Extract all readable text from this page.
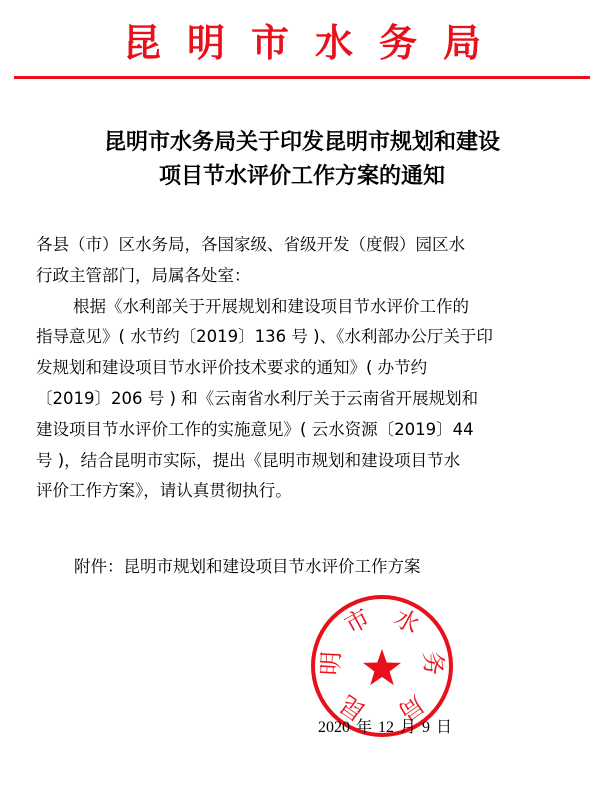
昆明市水务局
昆明市水务局关于印发昆明市规划和建设
项目节水评价工作方案的通知
各县（市）区水务局，各国家级、省级开发（度假）园区水
行政主管部门，局属各处室：
根据《水利部关于开展规划和建设项目节水评价工作的
指导意见》( 水节约〔2019〕136 号 )、《水利部办公厅关于印
发规划和建设项目节水评价技术要求的通知》( 办节约
〔2019〕206 号 ) 和《云南省水利厅关于云南省开展规划和
建设项目节水评价工作的实施意见》( 云水资源〔2019〕44
号 )，结合昆明市实际，提出《昆明市规划和建设项目节水
评价工作方案》，请认真贯彻执行。
附件：昆明市规划和建设项目节水评价工作方案
昆
明
市 水
务
局
2020 年 12 月 9 日
